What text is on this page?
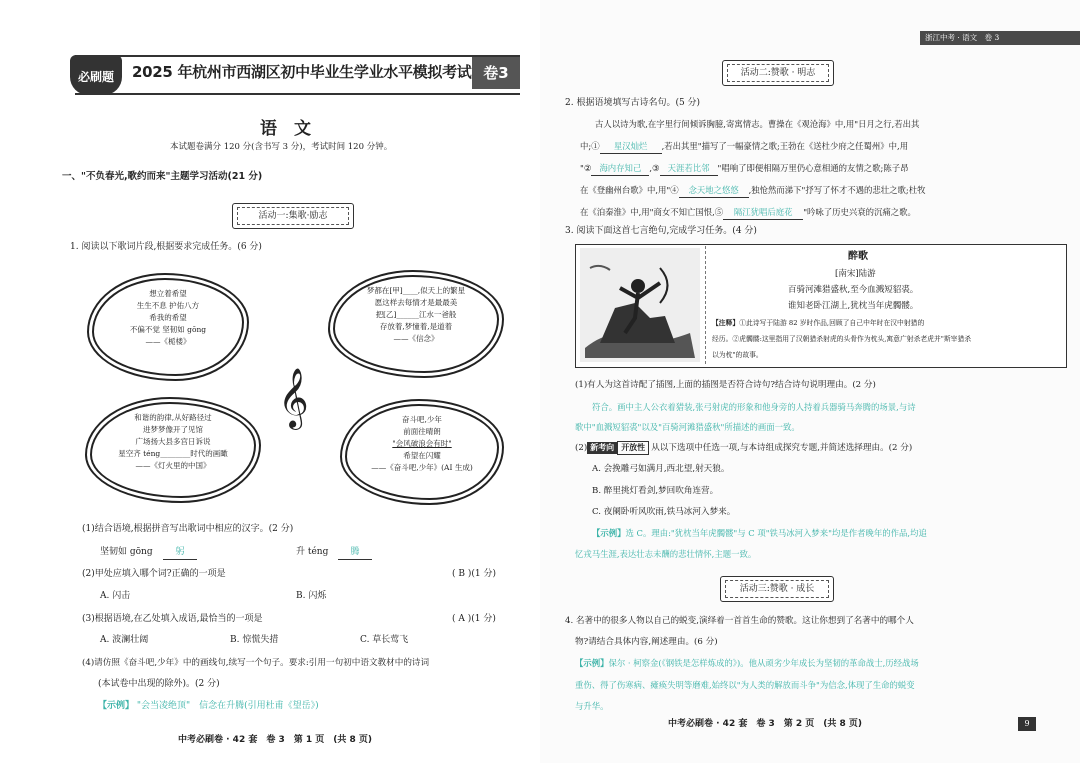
2025 年杭州市西湖区初中毕业生学业水平模拟考试
必刷题	卷3
语　文
本试题卷满分 120 分(含书写 3 分)，考试时间 120 分钟。
一、"不负春光,歌约而来"主题学习活动(21 分)
活动一:集歌·励志
1. 阅读以下歌词片段,根据要求完成任务。(6 分)
想立着希望
生生不息 护佑八方
希我的希望
不偏不觉 坚韧如 gōng
——《栀楼》
梦都在[甲]____,似天上的繁星
愿这样去每情才是最最美
把[乙]______江水一爸般
存放着,梦憧着,是道着
——《信念》
和谐的韵律,从好路径过
进梦梦像开了见馆
广场扬大县多宫日诉说
星空齐 téng________时代的画瞰
——《灯火里的中国》
奋斗吧,少年
前面往晴朗
"会风破浪会有时"
希望在闪耀
——《奋斗吧,少年》(AI 生成)
𝄞
(1)结合语境,根据拼音写出歌词中相应的汉字。(2 分)
坚韧如 gōng	躬	升 téng	腾
(2)甲处应填入哪个词?正确的一项是	( B )(1 分)
A. 闪击	B. 闪烁
(3)根据语境,在乙处填入成语,最恰当的一项是	( A )(1 分)
A. 波澜壮阔	B. 惊慌失措	C. 草长莺飞
(4)请仿照《奋斗吧,少年》中的画线句,续写一个句子。要求:引用一句初中语文教材中的诗词
(本试卷中出现的除外)。(2 分)
【示例】 "会当凌绝顶"　信念在升腾(引用杜甫《望岳》)
中考必刷卷 · 42 套　卷 3　第 1 页　(共 8 页)
浙江中考 · 语文　卷 3
活动二:赞歌 · 明志
2. 根据语境填写古诗名句。(5 分)
古人以诗为歌,在字里行间倾诉胸臆,寄寓情志。曹操在《观沧海》中,用"日月之行,若出其
中;① 星汉灿烂 ,若出其里"描写了一幅豪情之歌;王勃在《送杜少府之任蜀州》中,用
"② 海内存知己 ,③ 天涯若比邻 "唱响了即便相隔万里仍心意相通的友情之歌;陈子昂
在《登幽州台歌》中,用"④ 念天地之悠悠 ,独怆然而涕下"抒写了怀才不遇的悲壮之歌;杜牧
在《泊秦淮》中,用"商女不知亡国恨,⑤ 隔江犹唱后庭花 "吟咏了历史兴衰的沉痛之歌。
3. 阅读下面这首七言绝句,完成学习任务。(4 分)
醉歌
[南宋]陆游
百骑河滩猎盛秋,至今血溅短貂裘。
谁知老卧江湖上,犹枕当年虎髑髅。
【注释】①此诗写于陆游 82 岁时作品,回顾了自己中年时在汉中射猎的
经历。②虎髑髅:这里指用了汉朝猎杀射虎的头骨作为枕头,寓意广射杀老虎并"斯宰猎杀
以为枕"的故事。
(1)有人为这首诗配了插图,上面的插图是否符合诗句?结合诗句说明理由。(2 分)
符合。画中主人公衣着猎装,张弓射虎的形象和他身旁的人持着兵器骑马奔腾的场景,与诗
歌中"血溅短貂裘"以及"百骑河滩猎盛秋"所描述的画面一致。
(2) 新考向 开放性 从以下选项中任选一项,与本诗组成探究专题,并简述选择理由。(2 分)
A. 会挽雕弓如满月,西北望,射天狼。
B. 醉里挑灯看剑,梦回吹角连营。
C. 夜阑卧听风吹雨,铁马冰河入梦来。
【示例】选 C。理由:"犹枕当年虎髑髅"与 C 项"铁马冰河入梦来"均是作者晚年的作品,均追
忆戎马生涯,表达壮志未酬的悲壮情怀,主题一致。
活动三:赞歌 · 成长
4. 名著中的很多人物以自己的蜕变,演绎着一首首生命的赞歌。这让你想到了名著中的哪个人
物?请结合具体内容,阐述理由。(6 分)
【示例】保尔 · 柯察金(《钢铁是怎样炼成的》)。他从顽劣少年成长为坚韧的革命战士,历经战场
重伤、得了伤寒病、瘫痪失明等磨难,始终以"为人类的解放而斗争"为信念,体现了生命的蜕变
与升华。
中考必刷卷 · 42 套　卷 3　第 2 页　(共 8 页)	9
